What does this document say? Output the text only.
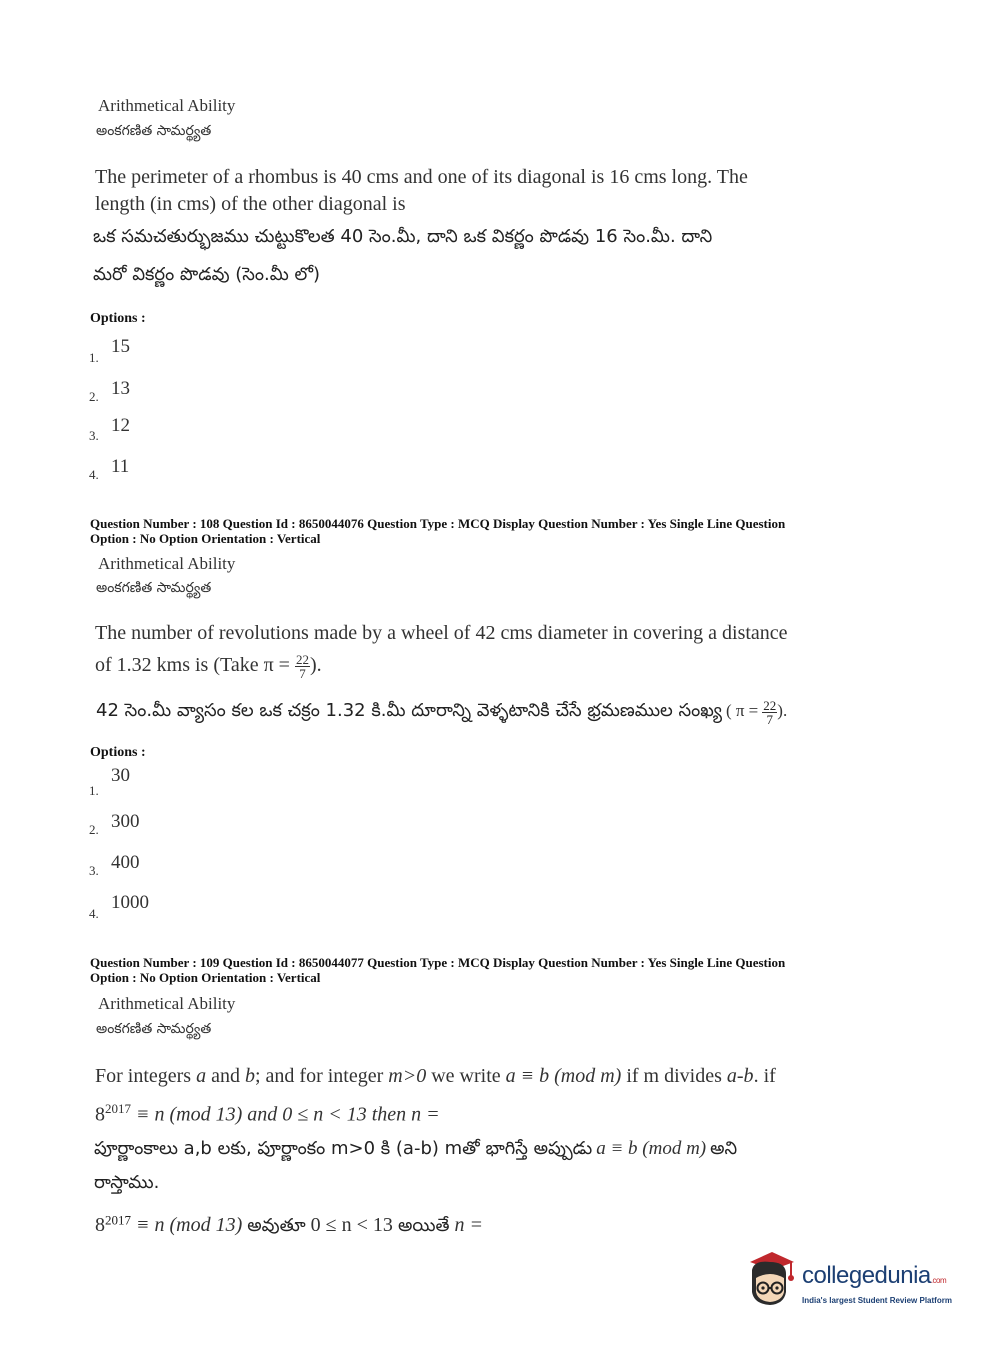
Arithmetical Ability
అంకగణిత సామర్థ్యత
The perimeter of a rhombus is 40 cms and one of its diagonal is 16 cms long. The
length (in cms) of the other diagonal is
ఒక సమచతుర్భుజము చుట్టుకొలత 40 సెం.మీ, దాని ఒక వికర్ణం పొడవు 16 సెం.మీ. దాని
మరో వికర్ణం పొడవు (సెం.మీ లో)
Options :
1.
15
2. 13
3. 12
4. 11
Question Number : 108 Question Id : 8650044076 Question Type : MCQ Display Question Number : Yes Single Line Question
Option : No Option Orientation : Vertical
Arithmetical Ability
అంకగణిత సామర్థ్యత
The number of revolutions made by a wheel of 42 cms diameter in covering a distance
of 1.32 kms is (Take $\pi = \frac{22}{7}$ ).
42 సెం.మీ వ్యాసం కల ఒక చక్రం 1.32 కి.మీ దూరాన్ని వెళ్ళటానికి చేసే భ్రమణముల సంఖ్య ( $\pi = \frac{22}{7}$ ).
Options :
1.
30
2. 300
3. 400
4.
1000
Question Number : 109 Question Id : 8650044077 Question Type : MCQ Display Question Number : Yes Single Line Question
Option : No Option Orientation : Vertical
Arithmetical Ability
అంకగణిత సామర్థ్యత
For integers a and b; and for integer m>0 we write a ≡ b (mod m) if m divides a-b. if
$8^{2017} \equiv n$ (mod 13) and 0 ≤ n < 13 then n =
పూర్ణాంకాలు a,b లకు, పూర్ణాంకం m>0 కి (a-b) mతో భాగిస్తే అప్పుడు a ≡ b (mod m) అని
రాస్తాము.
$8^{2017} \equiv n$ (mod 13) అవుతూ 0 ≤ n < 13 అయితే n =
collegedunia.com
India's largest Student Review Platform
